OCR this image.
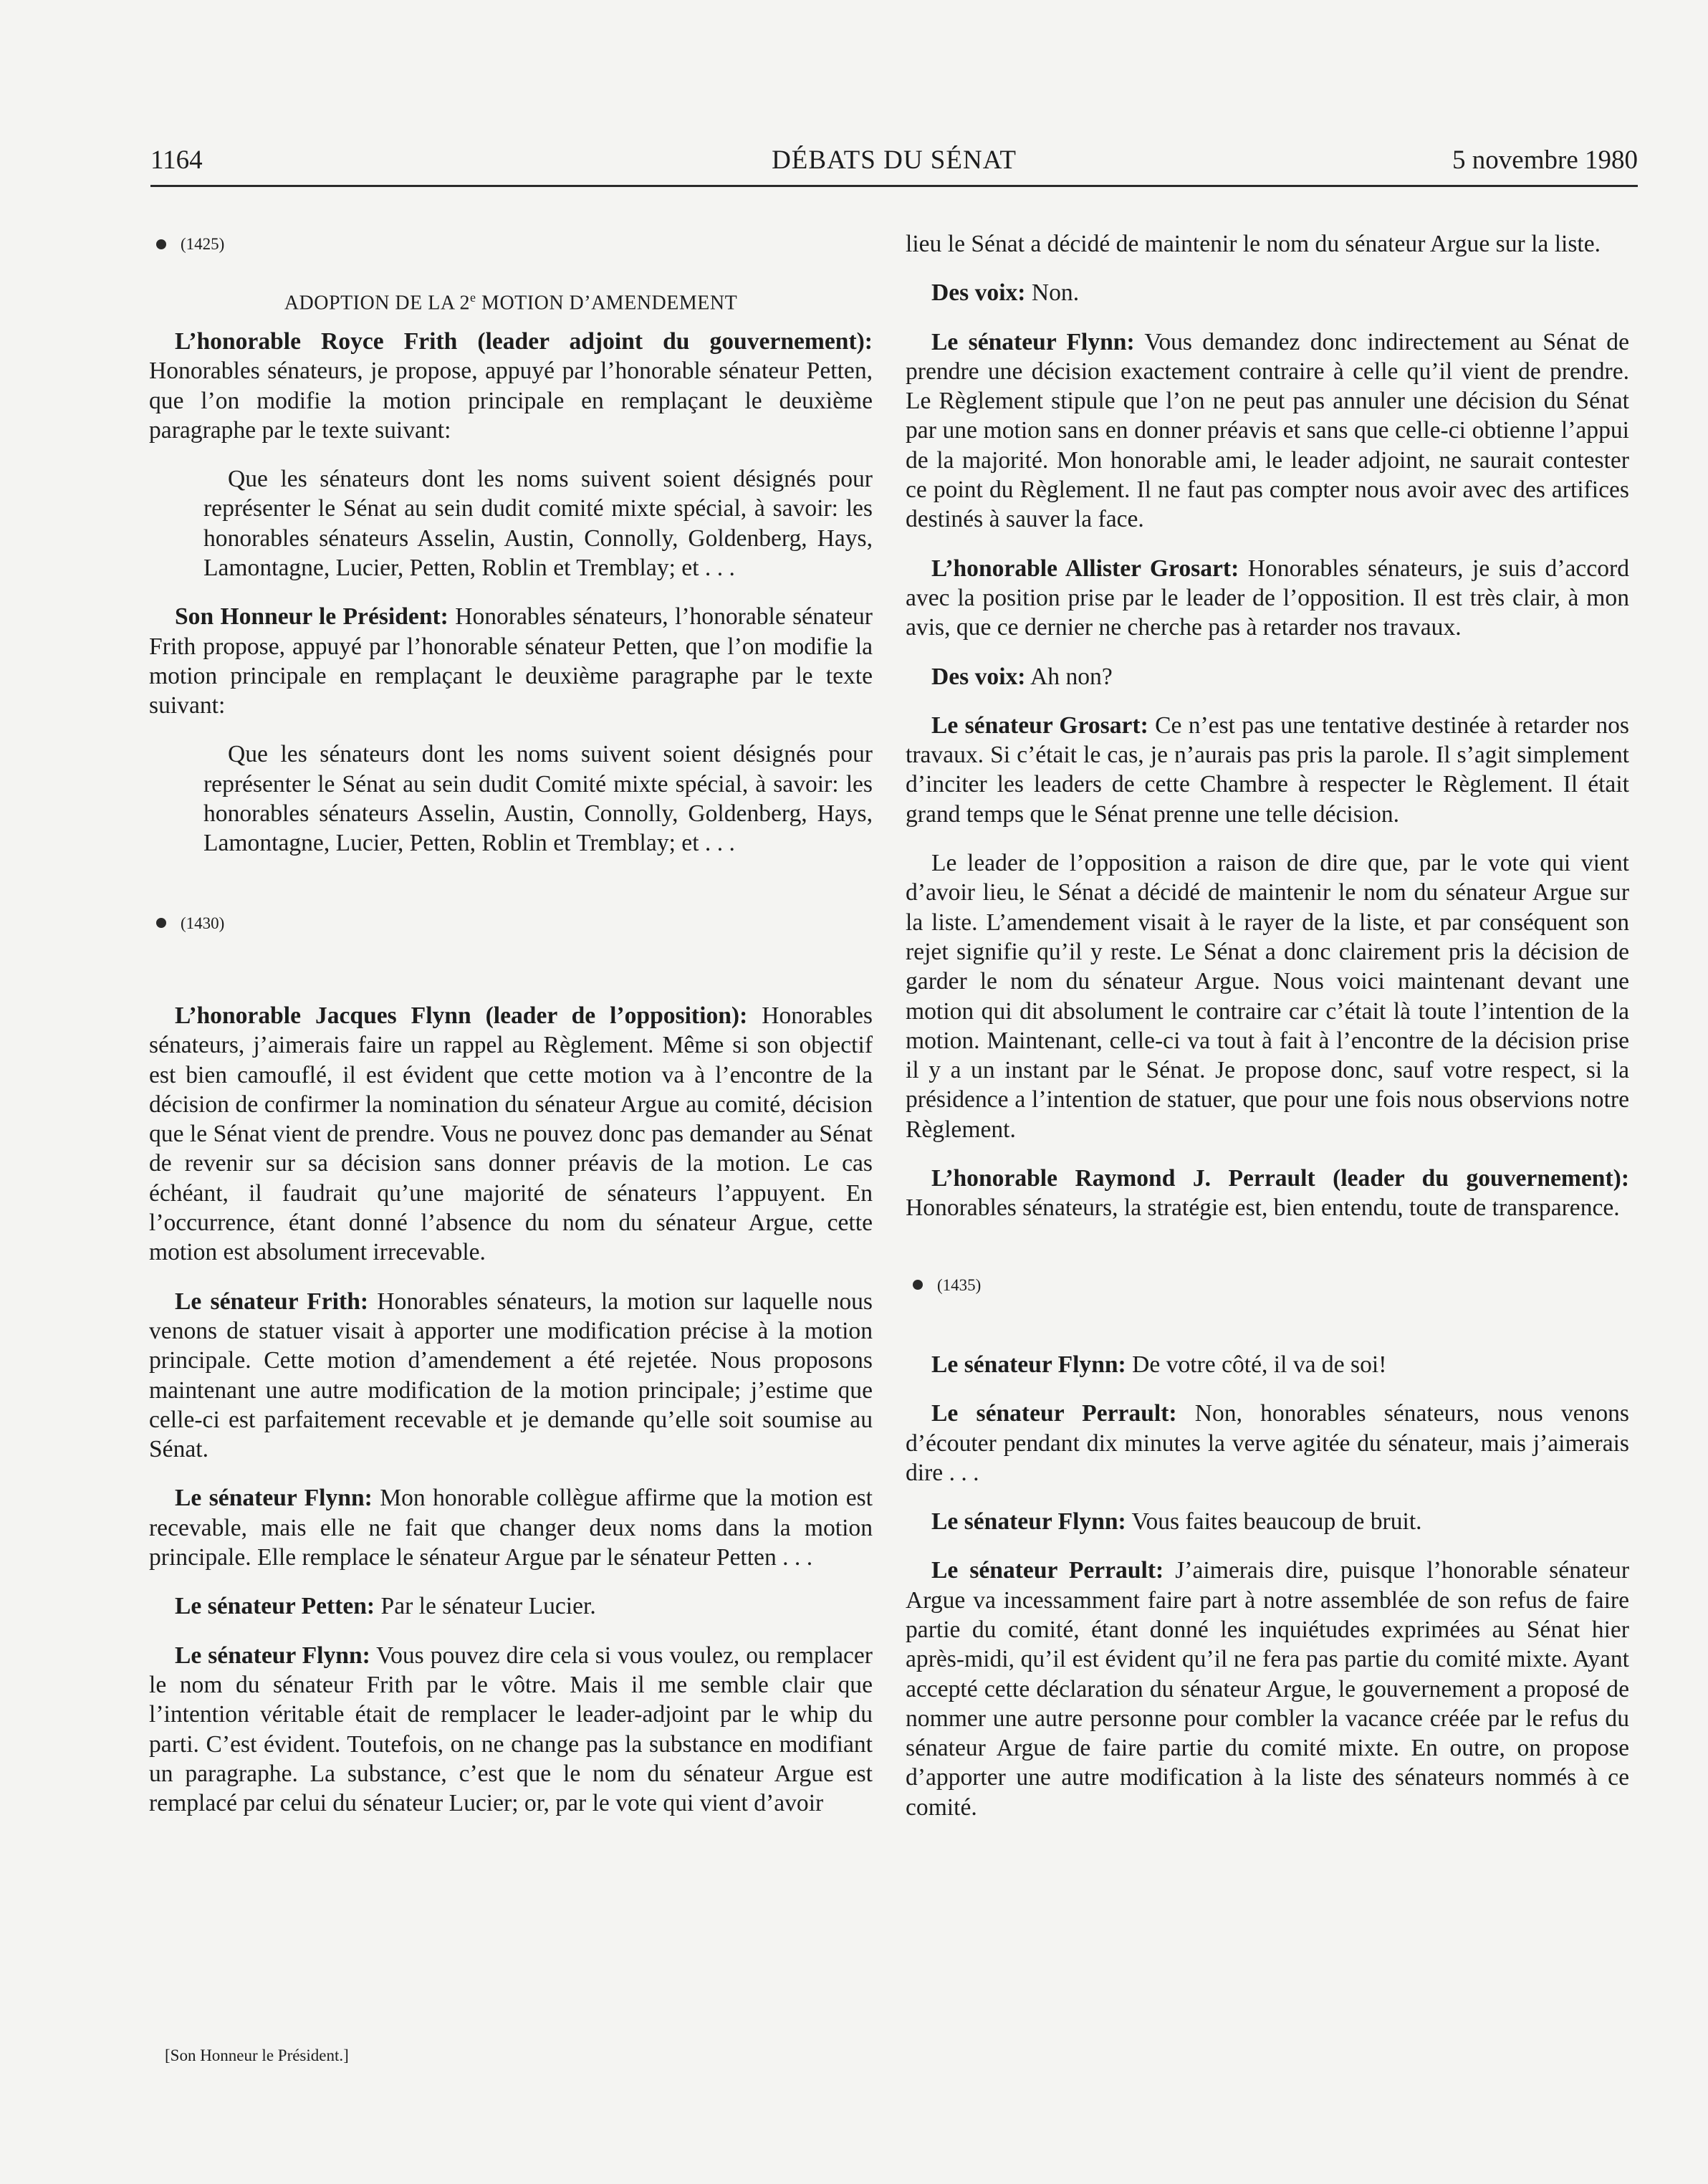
1164	DÉBATS DU SÉNAT	5 novembre 1980

(1425)

ADOPTION DE LA 2e MOTION D’AMENDEMENT

L’honorable Royce Frith (leader adjoint du gouvernement): Honorables sénateurs, je propose, appuyé par l’honorable sénateur Petten, que l’on modifie la motion principale en remplaçant le deuxième paragraphe par le texte suivant:

Que les sénateurs dont les noms suivent soient désignés pour représenter le Sénat au sein dudit comité mixte spécial, à savoir: les honorables sénateurs Asselin, Austin, Connolly, Goldenberg, Hays, Lamontagne, Lucier, Petten, Roblin et Tremblay; et . . .

Son Honneur le Président: Honorables sénateurs, l’honorable sénateur Frith propose, appuyé par l’honorable sénateur Petten, que l’on modifie la motion principale en remplaçant le deuxième paragraphe par le texte suivant:

Que les sénateurs dont les noms suivent soient désignés pour représenter le Sénat au sein dudit Comité mixte spécial, à savoir: les honorables sénateurs Asselin, Austin, Connolly, Goldenberg, Hays, Lamontagne, Lucier, Petten, Roblin et Tremblay; et . . .

(1430)

L’honorable Jacques Flynn (leader de l’opposition): Honorables sénateurs, j’aimerais faire un rappel au Règlement. Même si son objectif est bien camouflé, il est évident que cette motion va à l’encontre de la décision de confirmer la nomination du sénateur Argue au comité, décision que le Sénat vient de prendre. Vous ne pouvez donc pas demander au Sénat de revenir sur sa décision sans donner préavis de la motion. Le cas échéant, il faudrait qu’une majorité de sénateurs l’appuyent. En l’occurrence, étant donné l’absence du nom du sénateur Argue, cette motion est absolument irrecevable.

Le sénateur Frith: Honorables sénateurs, la motion sur laquelle nous venons de statuer visait à apporter une modification précise à la motion principale. Cette motion d’amendement a été rejetée. Nous proposons maintenant une autre modification de la motion principale; j’estime que celle-ci est parfaitement recevable et je demande qu’elle soit soumise au Sénat.

Le sénateur Flynn: Mon honorable collègue affirme que la motion est recevable, mais elle ne fait que changer deux noms dans la motion principale. Elle remplace le sénateur Argue par le sénateur Petten . . .

Le sénateur Petten: Par le sénateur Lucier.

Le sénateur Flynn: Vous pouvez dire cela si vous voulez, ou remplacer le nom du sénateur Frith par le vôtre. Mais il me semble clair que l’intention véritable était de remplacer le leader-adjoint par le whip du parti. C’est évident. Toutefois, on ne change pas la substance en modifiant un paragraphe. La substance, c’est que le nom du sénateur Argue est remplacé par celui du sénateur Lucier; or, par le vote qui vient d’avoir

[Son Honneur le Président.]

lieu le Sénat a décidé de maintenir le nom du sénateur Argue sur la liste.

Des voix: Non.

Le sénateur Flynn: Vous demandez donc indirectement au Sénat de prendre une décision exactement contraire à celle qu’il vient de prendre. Le Règlement stipule que l’on ne peut pas annuler une décision du Sénat par une motion sans en donner préavis et sans que celle-ci obtienne l’appui de la majorité. Mon honorable ami, le leader adjoint, ne saurait contester ce point du Règlement. Il ne faut pas compter nous avoir avec des artifices destinés à sauver la face.

L’honorable Allister Grosart: Honorables sénateurs, je suis d’accord avec la position prise par le leader de l’opposition. Il est très clair, à mon avis, que ce dernier ne cherche pas à retarder nos travaux.

Des voix: Ah non?

Le sénateur Grosart: Ce n’est pas une tentative destinée à retarder nos travaux. Si c’était le cas, je n’aurais pas pris la parole. Il s’agit simplement d’inciter les leaders de cette Chambre à respecter le Règlement. Il était grand temps que le Sénat prenne une telle décision.

Le leader de l’opposition a raison de dire que, par le vote qui vient d’avoir lieu, le Sénat a décidé de maintenir le nom du sénateur Argue sur la liste. L’amendement visait à le rayer de la liste, et par conséquent son rejet signifie qu’il y reste. Le Sénat a donc clairement pris la décision de garder le nom du sénateur Argue. Nous voici maintenant devant une motion qui dit absolument le contraire car c’était là toute l’intention de la motion. Maintenant, celle-ci va tout à fait à l’encontre de la décision prise il y a un instant par le Sénat. Je propose donc, sauf votre respect, si la présidence a l’intention de statuer, que pour une fois nous observions notre Règlement.

L’honorable Raymond J. Perrault (leader du gouvernement): Honorables sénateurs, la stratégie est, bien entendu, toute de transparence.

(1435)

Le sénateur Flynn: De votre côté, il va de soi!

Le sénateur Perrault: Non, honorables sénateurs, nous venons d’écouter pendant dix minutes la verve agitée du sénateur, mais j’aimerais dire . . .

Le sénateur Flynn: Vous faites beaucoup de bruit.

Le sénateur Perrault: J’aimerais dire, puisque l’honorable sénateur Argue va incessamment faire part à notre assemblée de son refus de faire partie du comité, étant donné les inquiétudes exprimées au Sénat hier après-midi, qu’il est évident qu’il ne fera pas partie du comité mixte. Ayant accepté cette déclaration du sénateur Argue, le gouvernement a proposé de nommer une autre personne pour combler la vacance créée par le refus du sénateur Argue de faire partie du comité mixte. En outre, on propose d’apporter une autre modification à la liste des sénateurs nommés à ce comité.
